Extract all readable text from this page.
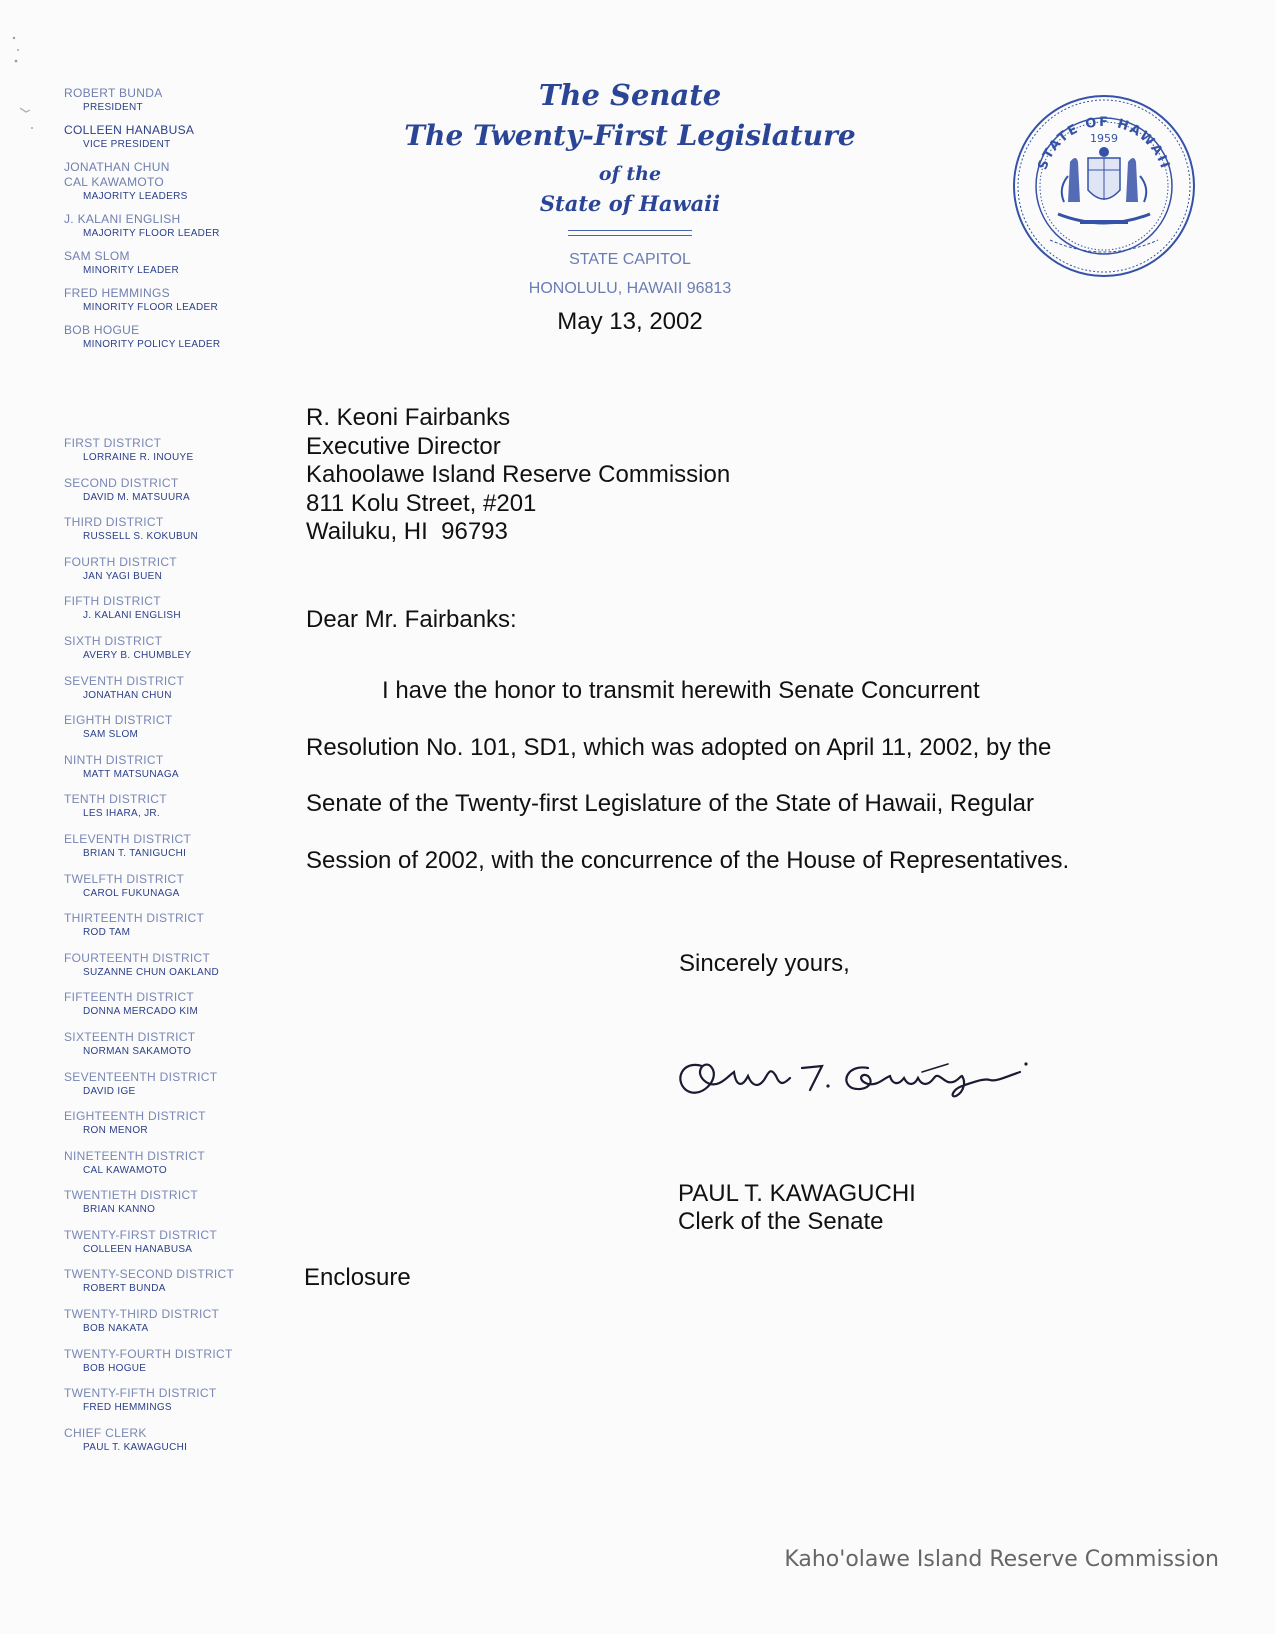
ROBERT BUNDA
PRESIDENT
COLLEEN HANABUSA
VICE PRESIDENT
JONATHAN CHUN
CAL KAWAMOTO
MAJORITY LEADERS
J. KALANI ENGLISH
MAJORITY FLOOR LEADER
SAM SLOM
MINORITY LEADER
FRED HEMMINGS
MINORITY FLOOR LEADER
BOB HOGUE
MINORITY POLICY LEADER
FIRST DISTRICT
LORRAINE R. INOUYE
SECOND DISTRICT
DAVID M. MATSUURA
THIRD DISTRICT
RUSSELL S. KOKUBUN
FOURTH DISTRICT
JAN YAGI BUEN
FIFTH DISTRICT
J. KALANI ENGLISH
SIXTH DISTRICT
AVERY B. CHUMBLEY
SEVENTH DISTRICT
JONATHAN CHUN
EIGHTH DISTRICT
SAM SLOM
NINTH DISTRICT
MATT MATSUNAGA
TENTH DISTRICT
LES IHARA, JR.
ELEVENTH DISTRICT
BRIAN T. TANIGUCHI
TWELFTH DISTRICT
CAROL FUKUNAGA
THIRTEENTH DISTRICT
ROD TAM
FOURTEENTH DISTRICT
SUZANNE CHUN OAKLAND
FIFTEENTH DISTRICT
DONNA MERCADO KIM
SIXTEENTH DISTRICT
NORMAN SAKAMOTO
SEVENTEENTH DISTRICT
DAVID IGE
EIGHTEENTH DISTRICT
RON MENOR
NINETEENTH DISTRICT
CAL KAWAMOTO
TWENTIETH DISTRICT
BRIAN KANNO
TWENTY-FIRST DISTRICT
COLLEEN HANABUSA
TWENTY-SECOND DISTRICT
ROBERT BUNDA
TWENTY-THIRD DISTRICT
BOB NAKATA
TWENTY-FOURTH DISTRICT
BOB HOGUE
TWENTY-FIFTH DISTRICT
FRED HEMMINGS
CHIEF CLERK
PAUL T. KAWAGUCHI
The Senate
The Twenty-First Legislature
of the
State of Hawaii
STATE CAPITOL
HONOLULU, HAWAII 96813
May 13, 2002
STATE OF HAWAII
1959
R. Keoni Fairbanks
Executive Director
Kahoolawe Island Reserve Commission
811 Kolu Street, #201
Wailuku, HI  96793
Dear Mr. Fairbanks:
I have the honor to transmit herewith Senate Concurrent
Resolution No. 101, SD1, which was adopted on April 11, 2002, by the
Senate of the Twenty-first Legislature of the State of Hawaii, Regular
Session of 2002, with the concurrence of the House of Representatives.
Sincerely yours,
PAUL T. KAWAGUCHI
Clerk of the Senate
Enclosure
Kaho'olawe Island Reserve Commission
